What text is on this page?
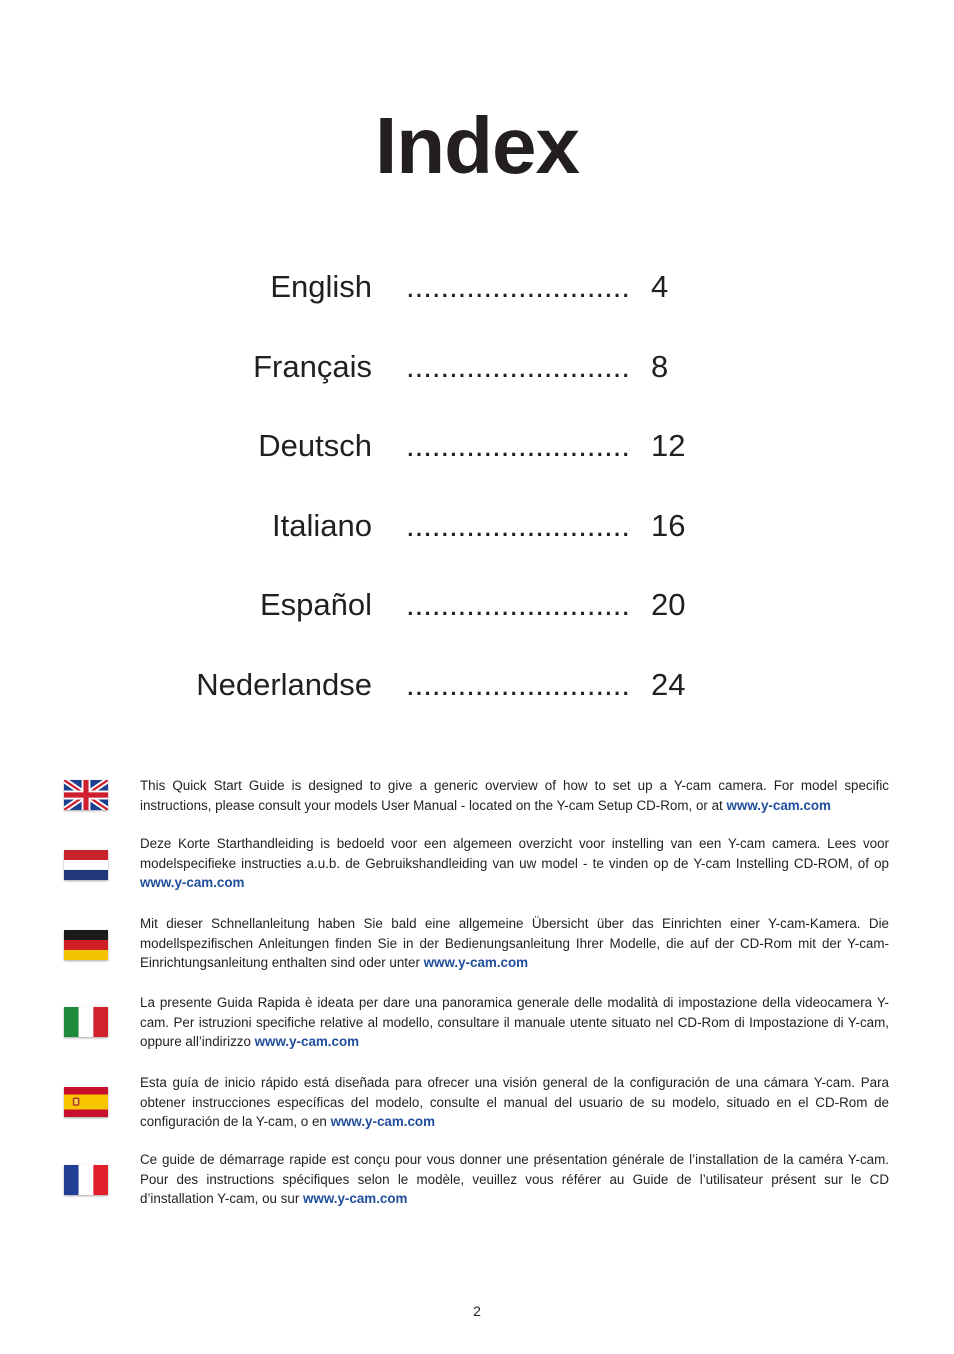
Index
English .......................... 4
Français .......................... 8
Deutsch .......................... 12
Italiano .......................... 16
Español .......................... 20
Nederlandse .......................... 24
This Quick Start Guide is designed to give a generic overview of how to set up a Y-cam camera. For model specific instructions, please consult your models User Manual - located on the Y-cam Setup CD-Rom, or at www.y-cam.com
Deze Korte Starthandleiding is bedoeld voor een algemeen overzicht voor instelling van een Y-cam camera. Lees voor modelspecifieke instructies a.u.b. de Gebruikshandleiding van uw model - te vinden op de Y-cam Instelling CD-ROM, of op www.y-cam.com
Mit dieser Schnellanleitung haben Sie bald eine allgemeine Übersicht über das Einrichten einer Y-cam-Kamera. Die modellspezifischen Anleitungen finden Sie in der Bedienungsanleitung Ihrer Modelle, die auf der CD-Rom mit der Y-cam-Einrichtungsanleitung enthalten sind oder unter www.y-cam.com
La presente Guida Rapida è ideata per dare una panoramica generale delle modalità di impostazione della videocamera Y-cam. Per istruzioni specifiche relative al modello, consultare il manuale utente situato nel CD-Rom di Impostazione di Y-cam, oppure all’indirizzo www.y-cam.com
Esta guía de inicio rápido está diseñada para ofrecer una visión general de la configuración de una cámara Y-cam. Para obtener instrucciones específicas del modelo, consulte el manual del usuario de su modelo, situado en el CD-Rom de configuración de la Y-cam, o en www.y-cam.com
Ce guide de démarrage rapide est conçu pour vous donner une présentation générale de l’installation de la caméra Y-cam. Pour des instructions spécifiques selon le modèle, veuillez vous référer au Guide de l’utilisateur présent sur le CD d’installation Y-cam, ou sur www.y-cam.com
2
